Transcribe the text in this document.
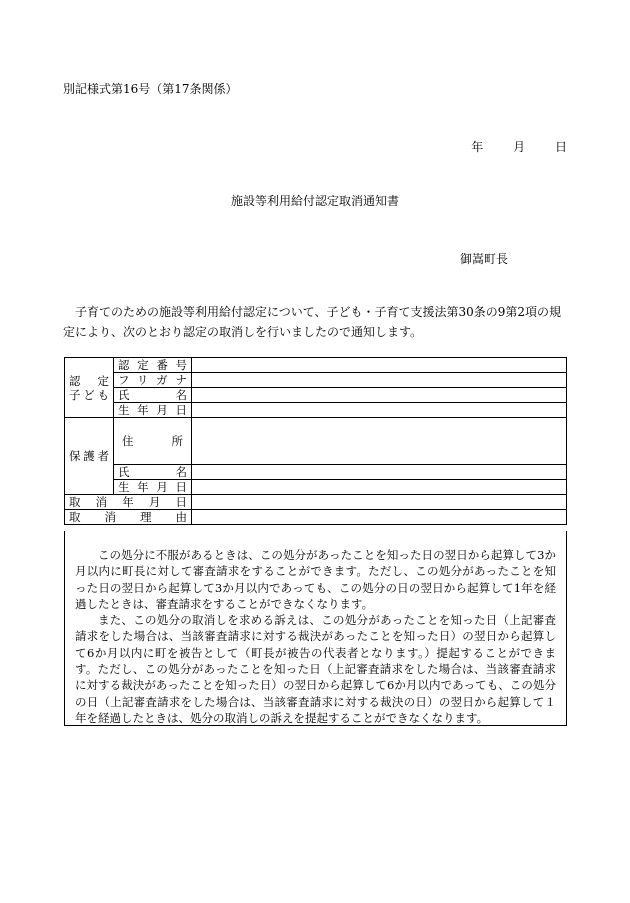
別記様式第16号（第17条関係）
年 月 日
施設等利用給付認定取消通知書
御嵩町長
子育てのための施設等利用給付認定について、子ども・子育て支援法第30条の9第2項の規定により、次のとおり認定の取消しを行いましたので通知します。
認定
子ども	認定番号	
	フリガナ	
	氏名	
	生年月日	

保護者	住所	
	氏名	
	生年月日	
取消年月日		
取消理由		

この処分に不服があるときは、この処分があったことを知った日の翌日から起算して3か月以内に町長に対して審査請求をすることができます。ただし、この処分があったことを知った日の翌日から起算して3か月以内であっても、この処分の日の翌日から起算して1年を経過したときは、審査請求をすることができなくなります。

また、この処分の取消しを求める訴えは、この処分があったことを知った日（上記審査請求をした場合は、当該審査請求に対する裁決があったことを知った日）の翌日から起算して6か月以内に町を被告として（町長が被告の代表者となります。）提起することができます。ただし、この処分があったことを知った日（上記審査請求をした場合は、当該審査請求に対する裁決があったことを知った日）の翌日から起算して6か月以内であっても、この処分の日（上記審査請求をした場合は、当該審査請求に対する裁決の日）の翌日から起算して１年を経過したときは、処分の取消しの訴えを提起することができなくなります。
